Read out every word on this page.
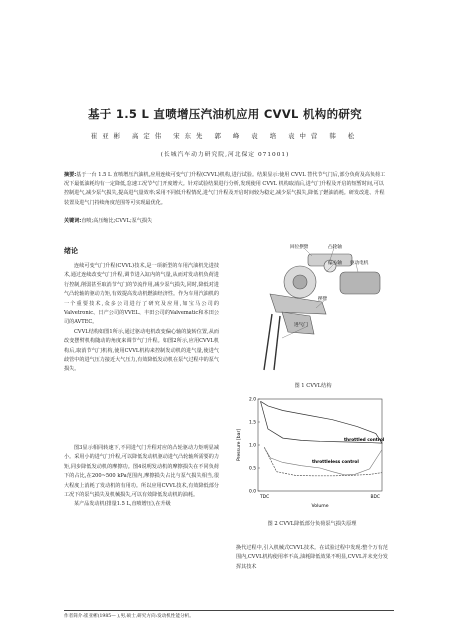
基于 1.5 L 直喷增压汽油机应用 CVVL 机构的研究
崔亚彬 高定伟 宋东先 郭 峰 袁 培 袁中营 韩 松
(长城汽车动力研究院,河北保定 071001)
摘要:基于一台 1.5 L 直喷增压汽油机,应用连续可变气门升程(CVVL)机构,进行试验。结果显示:使用 CVVL 替代节气门后,部分负荷及高负荷工况下最低油耗均有一定降低,怠速工况节气门开度增大。针对试验结果进行分析,发现使用 CVVL 机构取消后,进气门升程及开启的短暂时间,可以控制进气,减少泵气损失,提高进气量效率;采用不同低升程情况,进气门升程及开启时间较为稳定,减少泵气损失,降低了燃油消耗。研发改进、升程装置及进气门持续角度范围等可实现最优化。
关键词:直喷;高压缩比;CVVL;泵气损失
绪论

连续可变气门升程(CVVL)技术,是一项新型的车用汽油机先进技术,通过连续改变气门升程,调节进入缸内的气量,从而对发动机负荷进行控制,削弱甚至取消节气门的节流作用,减少泵气损失,同时,降低对进气凸轮轴的驱动力矩,有效提高发动机燃油经济性。作为车用汽油机的一个重要技术,众多公司进行了研究及应用,如宝马公司的Valvetronic、日产公司的VVEL、丰田公司的Valvematic和本田公司的AVTEC。

CVVL结构如图1所示,通过驱动电机改变偏心轴的旋转位置,从而改变摆臂机构随动的角度来调节气门升程。如图2所示,应用CVVL机构后,取消节气门机构,使用CVVL机构来控制发动机的进气量,使进气歧管中的进气压力接近大气压力,有效降低发动机在泵气过程中的泵气损失。

图3显示相同转速下,不同进气门升程对应的凸轮驱动力矩明显减小。采用小的进气门升程,可以降低发动机驱动进气凸轮轴所需要的力矩,同步降低发动机的摩擦功。图4说明发动机的摩擦损失在不同负荷下的占比,在200~500 kPa范围内,摩擦损失占比与泵气损失相当,很大程度上消耗了发动机的有用功。所以应用CVVL技术,有效降低部分工况下的泵气损失及机械损失,可以有效降低发动机的油耗。

某产品发动机(排量1.5 L,直喷增压),在升级

回位摆臂	凸轮轴
偏心轴 驱动电机
摆臂
进气门
图 1 CVVL结构
0.0
0.5
1.0
1.5
2.0
TDC	BDC
Pressure [bar]
Volume
throttled control
throttleless control
图 2 CVVL降低部分负荷泵气损失原理

换代过程中,引入机械式CVVL技术。在试验过程中发现:整个万有范围内,CVVL机构使用率不高,油耗降低效果不明显,CVVL并未充分发挥其技术

作者简介:崔亚彬(1985— ),男,硕士,研究方向:发动机性能分析。
